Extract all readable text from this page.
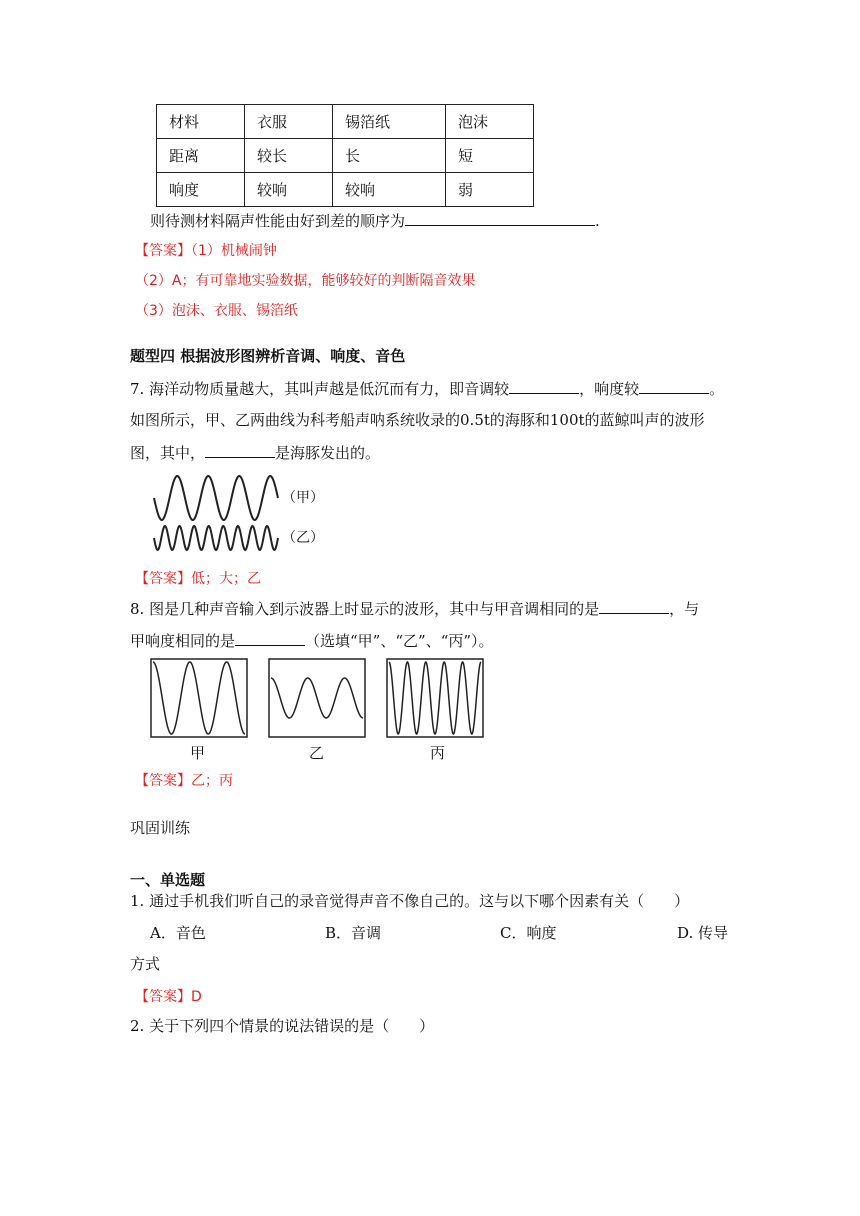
材料	衣服	锡箔纸	泡沫
距离	较长	长	短
响度	较响	较响	弱
则待测材料隔声性能由好到差的顺序为	.
【答案】（1）机械闹钟
（2）A；有可靠地实验数据，能够较好的判断隔音效果
（3）泡沫、衣服、锡箔纸
题型四 根据波形图辨析音调、响度、音色
7. 海洋动物质量越大，其叫声越是低沉而有力，即音调较	，响度较	。
如图所示，甲、乙两曲线为科考船声呐系统收录的0.5t的海豚和100t的蓝鲸叫声的波形
图，其中，	是海豚发出的。
（甲）
（乙）
【答案】低；大；乙
8. 图是几种声音输入到示波器上时显示的波形，其中与甲音调相同的是	，与
甲响度相同的是	（选填“甲”、“乙”、“丙”）。
甲	乙	丙
【答案】乙；丙
巩固训练
一、单选题
1. 通过手机我们听自己的录音觉得声音不像自己的。这与以下哪个因素有关（　　）
A．音色	B．音调	C．响度	D. 传导
方式
【答案】D
2. 关于下列四个情景的说法错误的是（　　）
